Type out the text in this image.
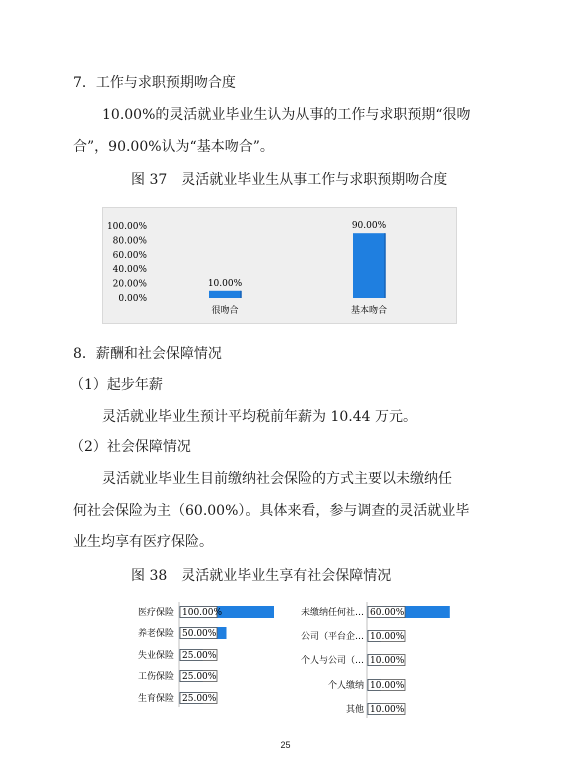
7．工作与求职预期吻合度
10.00%的灵活就业毕业生认为从事的工作与求职预期“很吻
合”，90.00%认为“基本吻合”。
图 37　灵活就业毕业生从事工作与求职预期吻合度
0.00%
20.00%
40.00%
60.00%
80.00%
100.00%
10.00%
很吻合
90.00%
基本吻合
8．薪酬和社会保障情况
（1）起步年薪
灵活就业毕业生预计平均税前年薪为 10.44 万元。
（2）社会保障情况
灵活就业毕业生目前缴纳社会保险的方式主要以未缴纳任
何社会保险为主（60.00%）。具体来看，参与调查的灵活就业毕
业生均享有医疗保险。
图 38　灵活就业毕业生享有社会保障情况
医疗保险 100.00%
养老保险 50.00%
失业保险 25.00%
工伤保险 25.00%
生育保险 25.00%
未缴纳任何社… 60.00%
公司（平台企… 10.00%
个人与公司（… 10.00%
个人缴纳 10.00%
其他 10.00%
25
